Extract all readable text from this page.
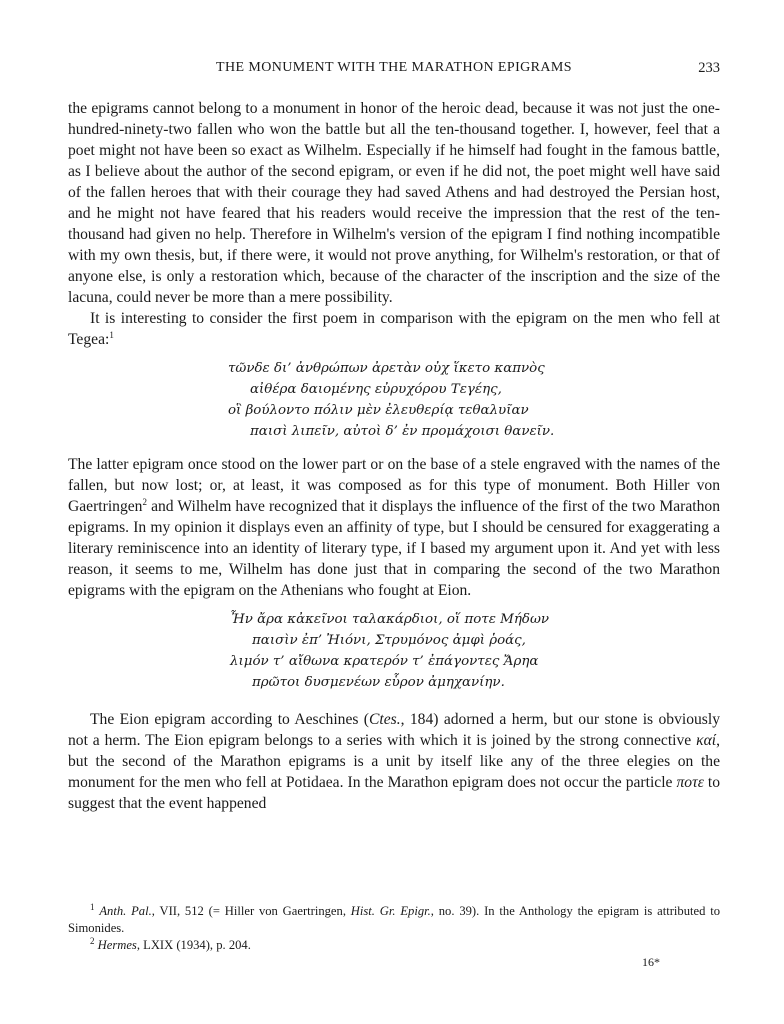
THE MONUMENT WITH THE MARATHON EPIGRAMS	233

the epigrams cannot belong to a monument in honor of the heroic dead, because it was not just the one-hundred-ninety-two fallen who won the battle but all the ten-thousand together. I, however, feel that a poet might not have been so exact as Wilhelm. Especially if he himself had fought in the famous battle, as I believe about the author of the second epigram, or even if he did not, the poet might well have said of the fallen heroes that with their courage they had saved Athens and had destroyed the Persian host, and he might not have feared that his readers would receive the impression that the rest of the ten-thousand had given no help. Therefore in Wilhelm's version of the epigram I find nothing incompatible with my own thesis, but, if there were, it would not prove anything, for Wilhelm's restoration, or that of anyone else, is only a restoration which, because of the character of the inscription and the size of the lacuna, could never be more than a mere possibility.

It is interesting to consider the first poem in comparison with the epigram on the men who fell at Tegea:$^1$

τῶνδε δι’ ἀνθρώπων ἀρετὰν οὐχ ἵκετο καπνὸς
αἰθέρα δαιομένης εὐρυχόρου Τεγέης,
οἳ βούλοντο πόλιν μὲν ἐλευθερίᾳ τεθαλυῖαν
παισὶ λιπεῖν, αὐτοὶ δ’ ἐν προμάχοισι θανεῖν.

The latter epigram once stood on the lower part or on the base of a stele engraved with the names of the fallen, but now lost; or, at least, it was composed as for this type of monument. Both Hiller von Gaertringen$^2$ and Wilhelm have recognized that it displays the influence of the first of the two Marathon epigrams. In my opinion it displays even an affinity of type, but I should be censured for exaggerating a literary reminiscence into an identity of literary type, if I based my argument upon it. And yet with less reason, it seems to me, Wilhelm has done just that in comparing the second of the two Marathon epigrams with the epigram on the Athenians who fought at Eion.

Ἦν ἄρα κἀκεῖνοι ταλακάρδιοι, οἵ ποτε Μήδων
παισὶν ἐπ’ Ἠιόνι, Στρυμόνος ἀμφὶ ῥοάς,
λιμόν τ’ αἴθωνα κρατερόν τ’ ἐπάγοντες Ἄρηα
πρῶτοι δυσμενέων εὗρον ἀμηχανίην.

The Eion epigram according to Aeschines (Ctes., 184) adorned a herm, but our stone is obviously not a herm. The Eion epigram belongs to a series with which it is joined by the strong connective καί, but the second of the Marathon epigrams is a unit by itself like any of the three elegies on the monument for the men who fell at Potidaea. In the Marathon epigram does not occur the particle ποτε to suggest that the event happened

$^1$ Anth. Pal., VII, 512 (= Hiller von Gaertringen, Hist. Gr. Epigr., no. 39). In the Anthology the epigram is attributed to Simonides.

$^2$ Hermes, LXIX (1934), p. 204.

16*
